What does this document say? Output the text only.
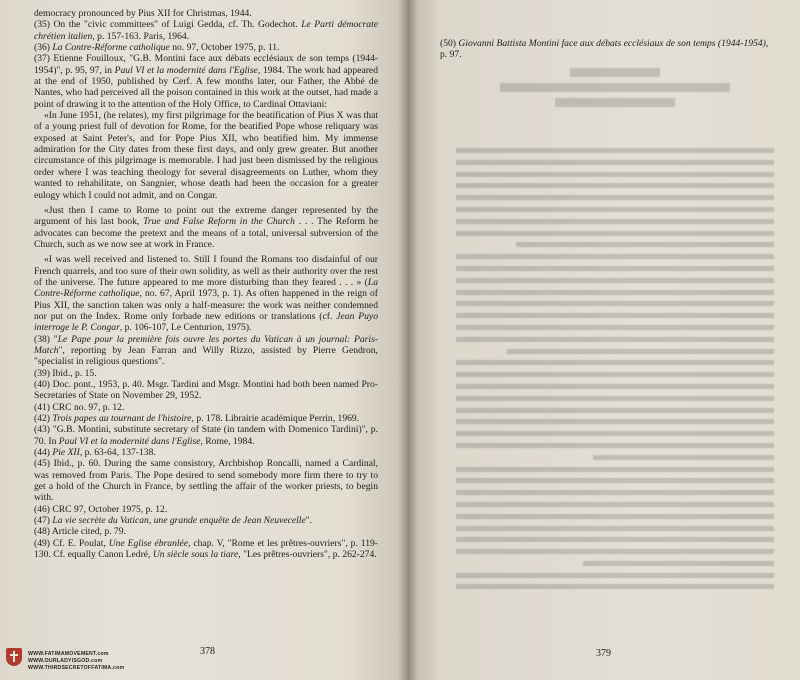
democracy pronounced by Pius XII for Christmas, 1944.

(35) On the "civic committees" of Luigi Gedda, cf. Th. Godechot. Le Parti démocrate chrétien italien, p. 157-163. Paris, 1964.

(36) La Contre-Réforme catholique no. 97, October 1975, p. 11.

(37) Etienne Fouilloux, "G.B. Montini face aux débats ecclésiaux de son temps (1944-1954)", p. 95, 97, in Paul VI et la modernité dans l'Eglise, 1984. The work had appeared at the end of 1950, published by Cerf. A few months later, our Father, the Abbé de Nantes, who had perceived all the poison contained in this work at the outset, had made a point of drawing it to the attention of the Holy Office, to Cardinal Ottaviani:

«In June 1951, (he relates), my first pilgrimage for the beatification of Pius X was that of a young priest full of devotion for Rome, for the beatified Pope whose reliquary was exposed at Saint Peter's, and for Pope Pius XII, who beatified him. My immense admiration for the City dates from these first days, and only grew greater. But another circumstance of this pilgrimage is memorable. I had just been dismissed by the religious order where I was teaching theology for several disagreements on Luther, whom they wanted to rehabilitate, on Sangnier, whose death had been the occasion for a greater eulogy which I could not admit, and on Congar.

«Just then I came to Rome to point out the extreme danger represented by the argument of his last book, True and False Reform in the Church . . . The Reform he advocates can become the pretext and the means of a total, universal subversion of the Church, such as we now see at work in France.

«I was well received and listened to. Still I found the Romans too disdainful of our French quarrels, and too sure of their own solidity, as well as their authority over the rest of the universe. The future appeared to me more disturbing than they feared . . . » (La Contre-Réforme catholique, no. 67, April 1973, p. 1). As often happened in the reign of Pius XII, the sanction taken was only a half-measure: the work was neither condemned nor put on the Index. Rome only forbade new editions or translations (cf. Jean Puyo interroge le P. Congar, p. 106-107, Le Centurion, 1975).

(38) "Le Pape pour la première fois ouvre les portes du Vatican à un journal: Paris-Match", reporting by Jean Farran and Willy Rizzo, assisted by Pierre Gendron, "specialist in religious questions".

(39) Ibid., p. 15.

(40) Doc. pont., 1953, p. 40. Msgr. Tardini and Msgr. Montini had both been named Pro-Secretaries of State on November 29, 1952.

(41) CRC no. 97, p. 12.

(42) Trois papes au tournant de l'histoire, p. 178. Librairie académique Perrin, 1969.

(43) "G.B. Montini, substitute secretary of State (in tandem with Domenico Tardini)", p. 70. In Paul VI et la modernité dans l'Eglise, Rome, 1984.

(44) Pie XII, p. 63-64, 137-138.

(45) Ibid., p. 60. During the same consistory, Archbishop Roncalli, named a Cardinal, was removed from Paris. The Pope desired to send somebody more firm there to try to get a hold of the Church in France, by settling the affair of the worker priests, to begin with.

(46) CRC 97, October 1975, p. 12.

(47) La vie secrète du Vatican, une grande enquête de Jean Neuvecelle".

(48) Article cited, p. 79.

(49) Cf. E. Poulat, Une Eglise ébranlée, chap. V, "Rome et les prêtres-ouvriers", p. 119-130. Cf. equally Canon Ledré, Un siècle sous la tiare, "Les prêtres-ouvriers", p. 262-274.

378	379

(50) Giovanni Battista Montini face aux débats ecclésiaux de son temps (1944-1954), p. 97.

WWW.FATIMAMOVEMENT.com
WWW.OURLADYISGOD.com
WWW.THIRDSECRETOFFATIMA.com
